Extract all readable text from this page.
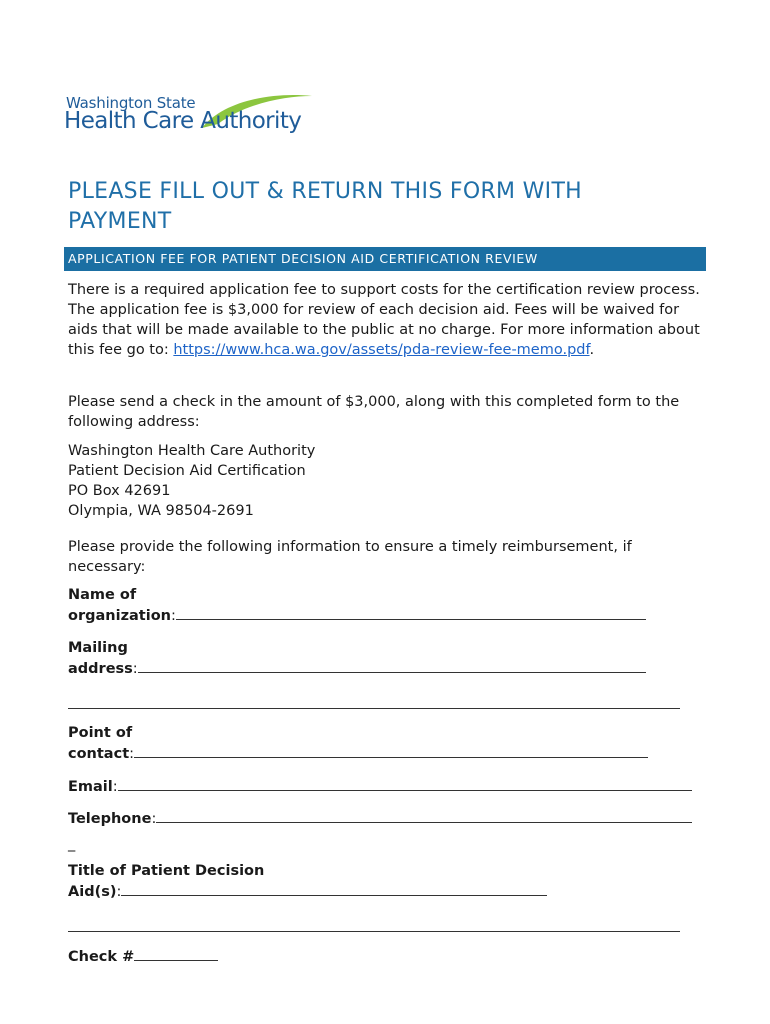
Washington State
Health Care Authority
PLEASE FILL OUT & RETURN THIS FORM WITH PAYMENT
APPLICATION FEE FOR PATIENT DECISION AID CERTIFICATION REVIEW
There is a required application fee to support costs for the certification review process. The application fee is $3,000 for review of each decision aid. Fees will be waived for aids that will be made available to the public at no charge. For more information about this fee go to: https://www.hca.wa.gov/assets/pda-review-fee-memo.pdf.
Please send a check in the amount of $3,000, along with this completed form to the following address:
Washington Health Care Authority
Patient Decision Aid Certification
PO Box 42691
Olympia, WA 98504-2691
Please provide the following information to ensure a timely reimbursement, if necessary:
Name of
organization:
Mailing
address:
Point of
contact:
Email:
Telephone:
_
Title of Patient Decision
Aid(s):
Check #
